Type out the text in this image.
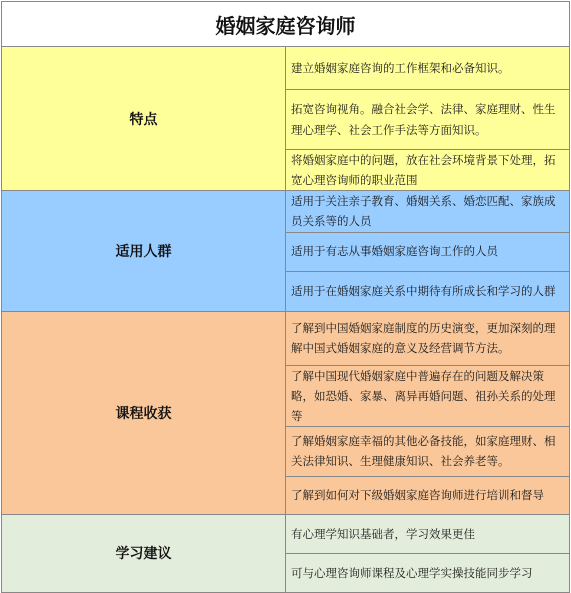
婚姻家庭咨询师	
特点	建立婚姻家庭咨询的工作框架和必备知识。
	拓宽咨询视角。融合社会学、法律、家庭理财、性生理心理学、社会工作手法等方面知识。
	将婚姻家庭中的问题，放在社会环境背景下处理，拓宽心理咨询师的职业范围
适用人群	适用于关注亲子教育、婚姻关系、婚恋匹配、家族成员关系等的人员
	适用于有志从事婚姻家庭咨询工作的人员
	适用于在婚姻家庭关系中期待有所成长和学习的人群
课程收获	了解到中国婚姻家庭制度的历史演变，更加深刻的理解中国式婚姻家庭的意义及经营调节方法。
	了解中国现代婚姻家庭中普遍存在的问题及解决策略，如恐婚、家暴、离异再婚问题、祖孙关系的处理等
	了解婚姻家庭幸福的其他必备技能，如家庭理财、相关法律知识、生理健康知识、社会养老等。
	了解到如何对下级婚姻家庭咨询师进行培训和督导
学习建议	有心理学知识基础者，学习效果更佳
	可与心理咨询师课程及心理学实操技能同步学习
